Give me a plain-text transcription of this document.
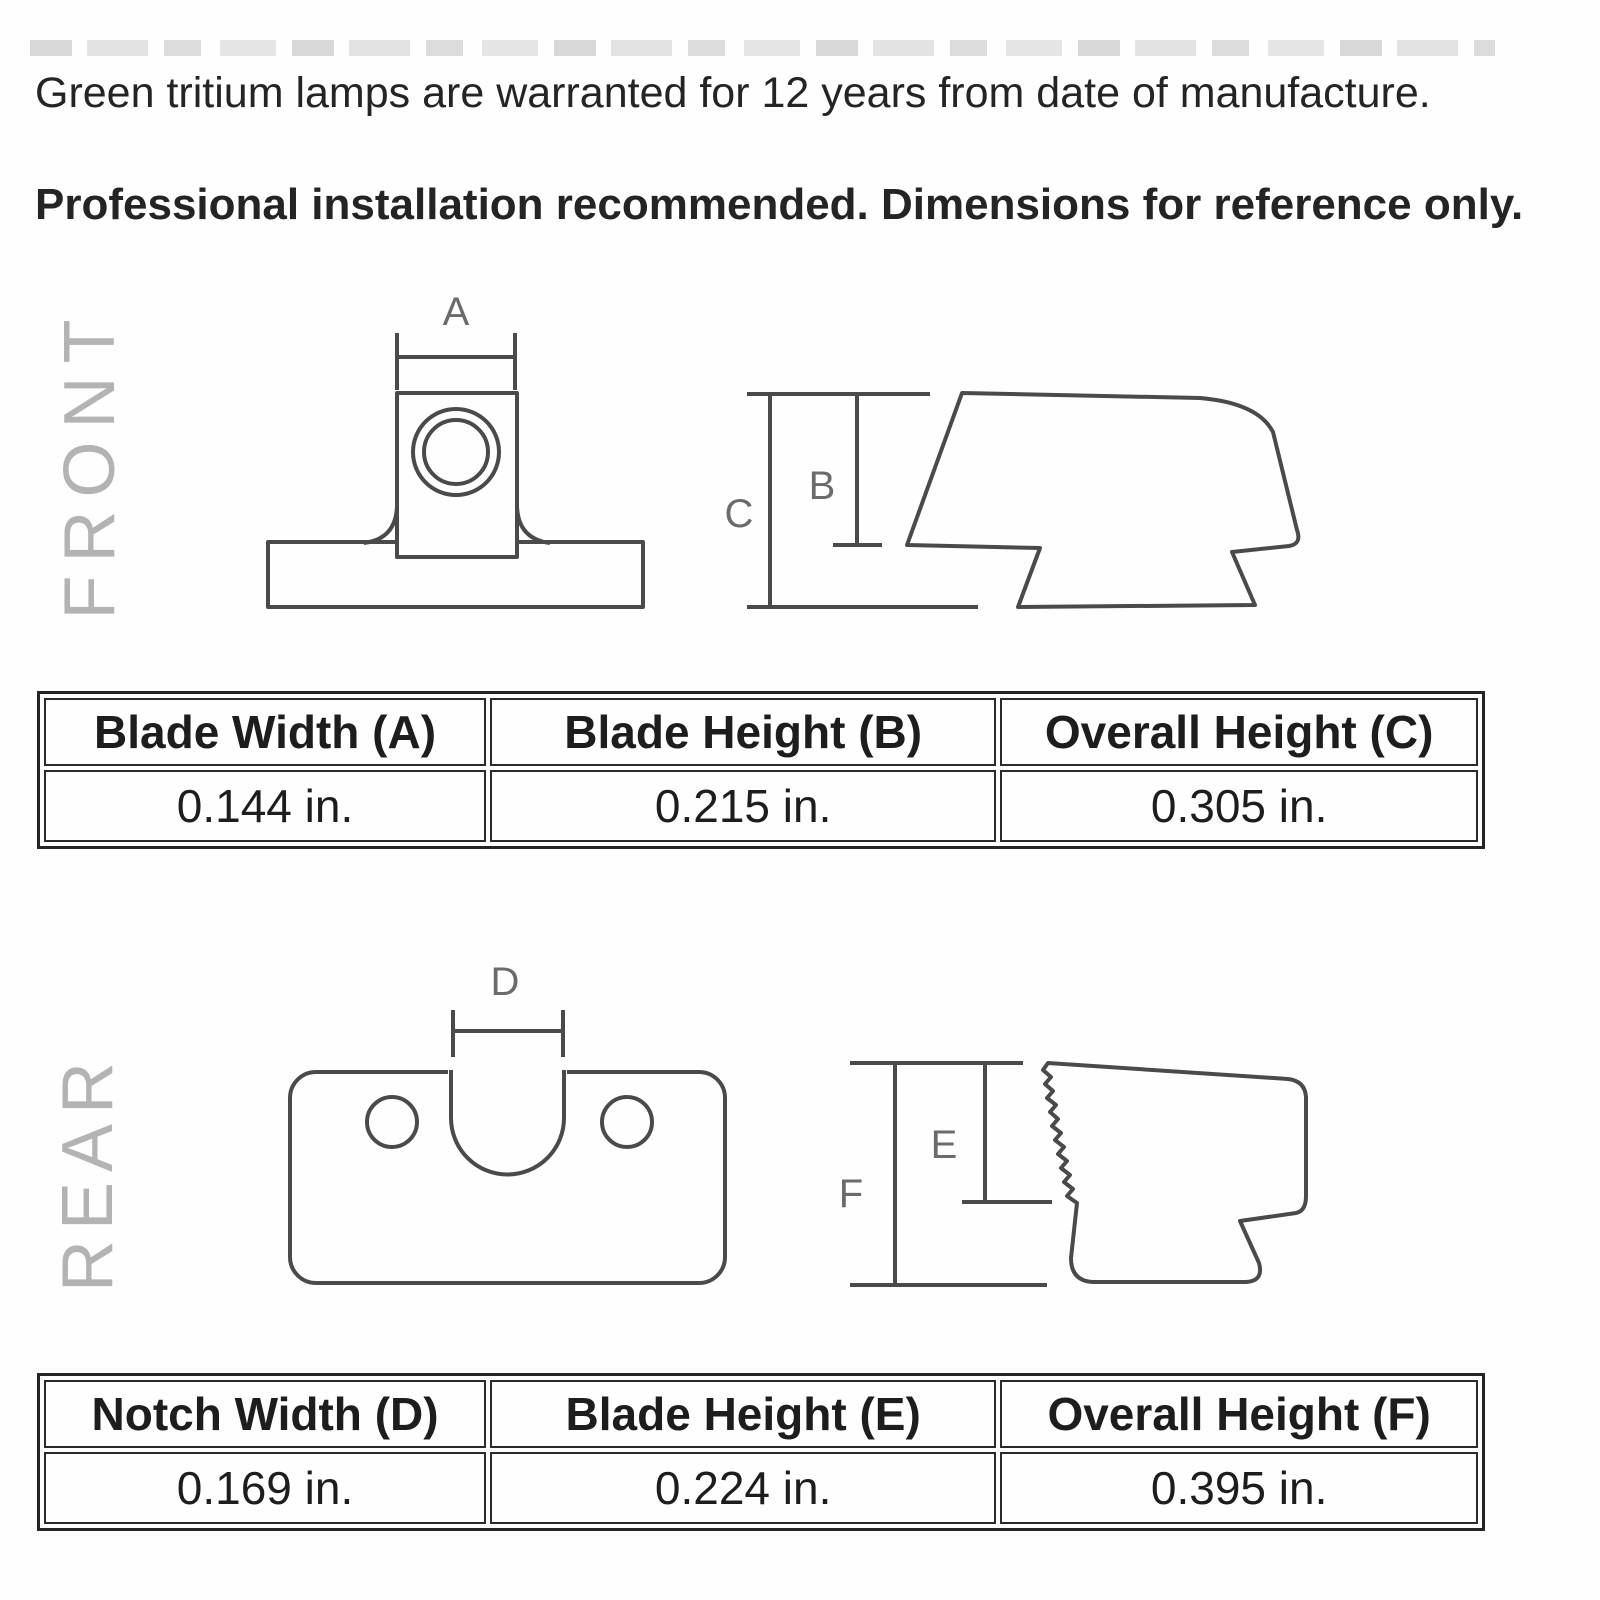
Green tritium lamps are warranted for 12 years from date of manufacture.
Professional installation recommended. Dimensions for reference only.
FRONT
REAR
A
B
C
D
E
F
Blade Width (A)	Blade Height (B)	Overall Height (C)
0.144 in.	0.215 in.	0.305 in.
Notch Width (D)	Blade Height (E)	Overall Height (F)
0.169 in.	0.224 in.	0.395 in.
